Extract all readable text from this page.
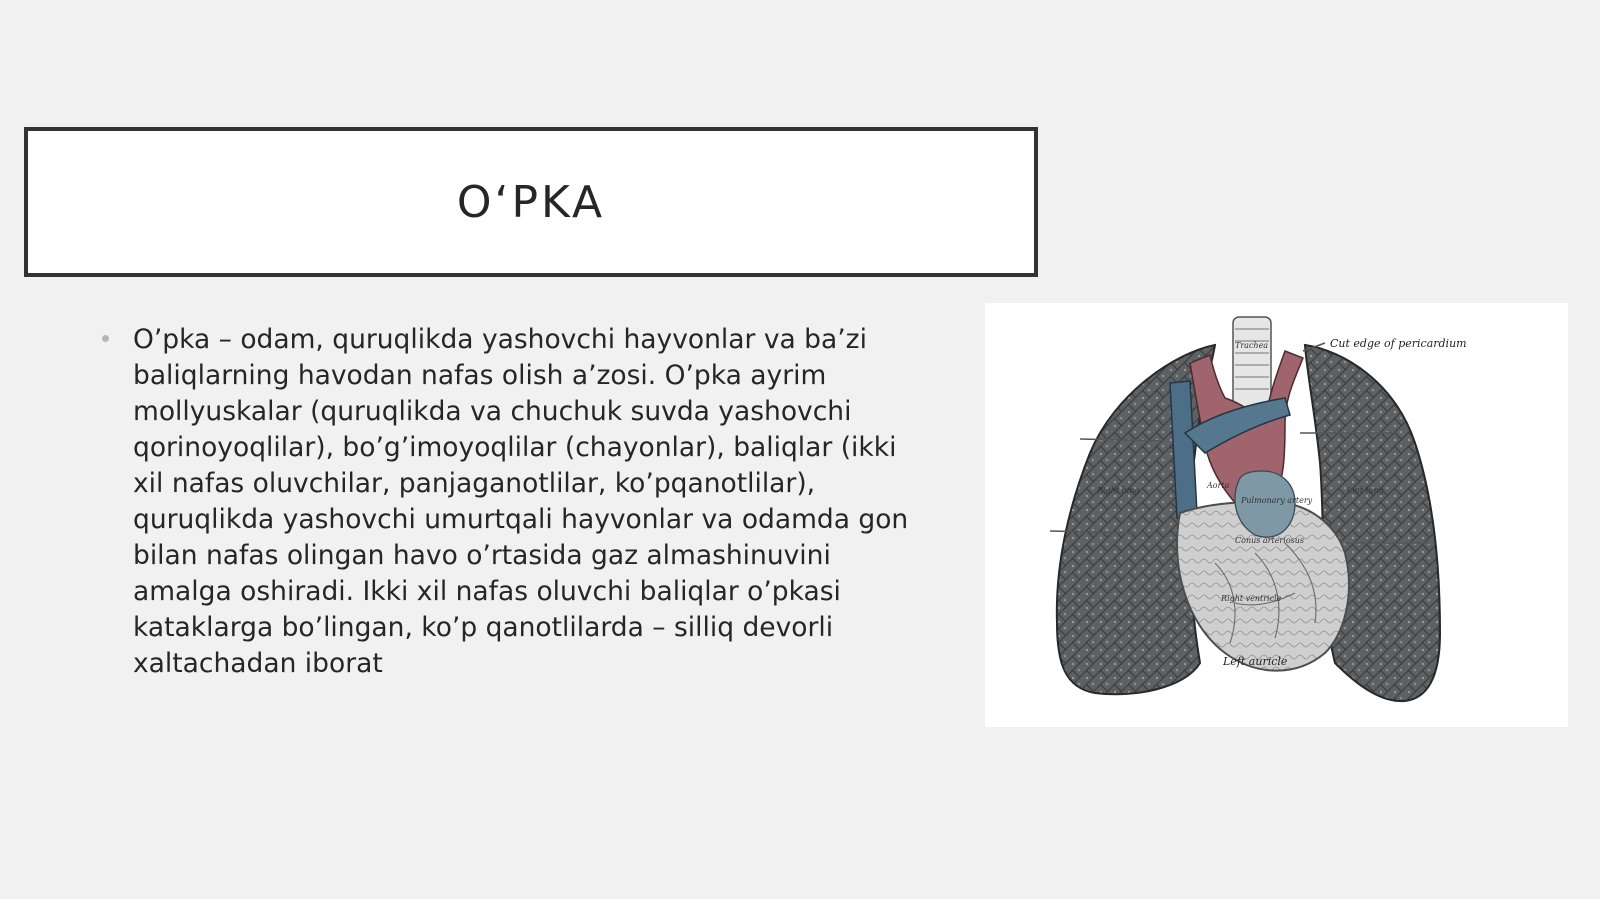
O‘PKA
O’pka – odam, quruqlikda yashovchi hayvonlar va ba’zi baliqlarning havodan nafas olish a’zosi. O’pka ayrim mollyuskalar (quruqlikda va chuchuk suvda yashovchi qorinoyoqlilar), bo’g’imoyoqlilar (chayonlar), baliqlar (ikki xil nafas oluvchilar, panjaganotlilar, ko’pqanotlilar), quruqlikda yashovchi umurtqali hayvonlar va odamda gon bilan nafas olingan havo o’rtasida gaz almashinuvini amalga oshiradi. Ikki xil nafas oluvchi baliqlar o’pkasi kataklarga bo’lingan, ko’p qanotlilarda – silliq devorli xaltachadan iborat
Cut edge of pericardium
Left auricle
Trachea
Right lung	Left lung
Aorta
Pulmonary artery
Conus arteriosus
Right ventricle
